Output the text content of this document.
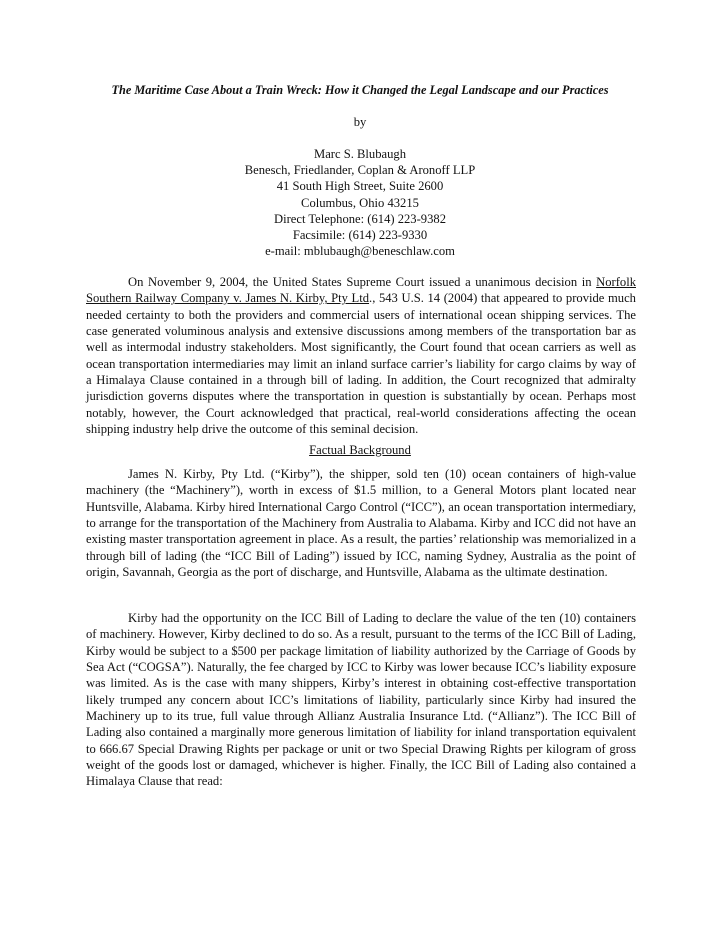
The Maritime Case About a Train Wreck: How it Changed the Legal Landscape and our Practices
by
Marc S. Blubaugh
Benesch, Friedlander, Coplan & Aronoff LLP
41 South High Street, Suite 2600
Columbus, Ohio 43215
Direct Telephone: (614) 223-9382
Facsimile: (614) 223-9330
e-mail: mblubaugh@beneschlaw.com

On November 9, 2004, the United States Supreme Court issued a unanimous decision in Norfolk Southern Railway Company v. James N. Kirby, Pty Ltd., 543 U.S. 14 (2004) that appeared to provide much needed certainty to both the providers and commercial users of international ocean shipping services. The case generated voluminous analysis and extensive discussions among members of the transportation bar as well as intermodal industry stakeholders. Most significantly, the Court found that ocean carriers as well as ocean transportation intermediaries may limit an inland surface carrier’s liability for cargo claims by way of a Himalaya Clause contained in a through bill of lading. In addition, the Court recognized that admiralty jurisdiction governs disputes where the transportation in question is substantially by ocean. Perhaps most notably, however, the Court acknowledged that practical, real-world considerations affecting the ocean shipping industry help drive the outcome of this seminal decision.

Factual Background

James N. Kirby, Pty Ltd. (“Kirby”), the shipper, sold ten (10) ocean containers of high-value machinery (the “Machinery”), worth in excess of $1.5 million, to a General Motors plant located near Huntsville, Alabama. Kirby hired International Cargo Control (“ICC”), an ocean transportation intermediary, to arrange for the transportation of the Machinery from Australia to Alabama. Kirby and ICC did not have an existing master transportation agreement in place. As a result, the parties’ relationship was memorialized in a through bill of lading (the “ICC Bill of Lading”) issued by ICC, naming Sydney, Australia as the point of origin, Savannah, Georgia as the port of discharge, and Huntsville, Alabama as the ultimate destination.

Kirby had the opportunity on the ICC Bill of Lading to declare the value of the ten (10) containers of machinery. However, Kirby declined to do so. As a result, pursuant to the terms of the ICC Bill of Lading, Kirby would be subject to a $500 per package limitation of liability authorized by the Carriage of Goods by Sea Act (“COGSA”). Naturally, the fee charged by ICC to Kirby was lower because ICC’s liability exposure was limited. As is the case with many shippers, Kirby’s interest in obtaining cost-effective transportation likely trumped any concern about ICC’s limitations of liability, particularly since Kirby had insured the Machinery up to its true, full value through Allianz Australia Insurance Ltd. (“Allianz”). The ICC Bill of Lading also contained a marginally more generous limitation of liability for inland transportation equivalent to 666.67 Special Drawing Rights per package or unit or two Special Drawing Rights per kilogram of gross weight of the goods lost or damaged, whichever is higher. Finally, the ICC Bill of Lading also contained a Himalaya Clause that read:
